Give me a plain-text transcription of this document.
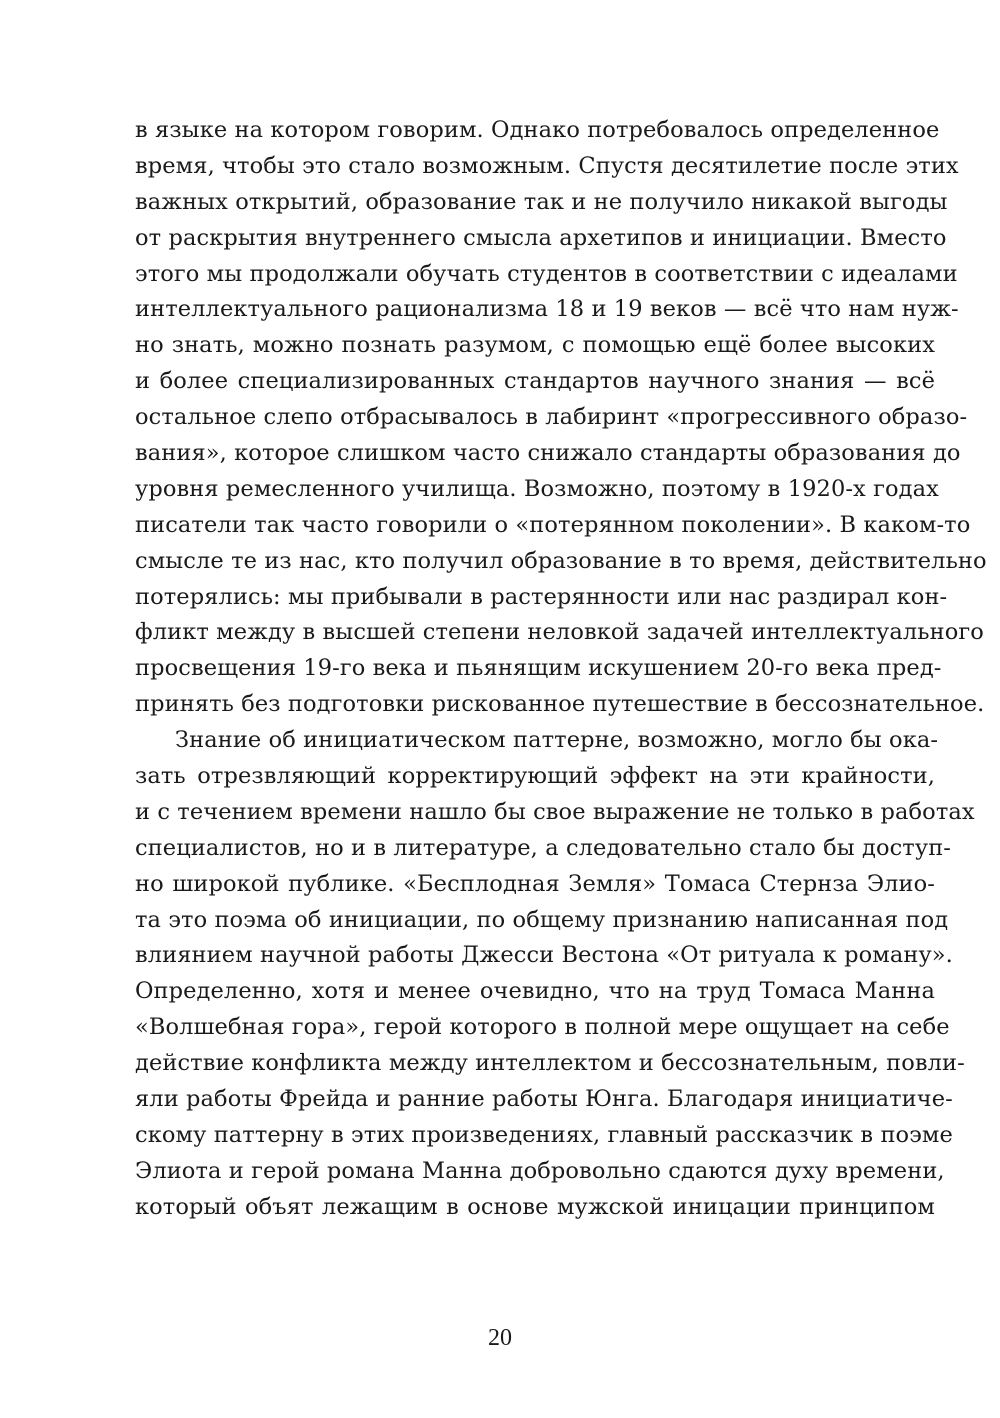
в языке на котором говорим. Однако потребовалось определенное
время, чтобы это стало возможным. Спустя десятилетие после этих
важных открытий, образование так и не получило никакой выгоды
от раскрытия внутреннего смысла архетипов и инициации. Вместо
этого мы продолжали обучать студентов в соответствии с идеалами
интеллектуального рационализма 18 и 19 веков — всё что нам нуж-
но знать, можно познать разумом, с помощью ещё более высоких
и более специализированных стандартов научного знания — всё
остальное слепо отбрасывалось в лабиринт «прогрессивного образо-
вания», которое слишком часто снижало стандарты образования до
уровня ремесленного училища. Возможно, поэтому в 1920-х годах
писатели так часто говорили о «потерянном поколении». В каком-то
смысле те из нас, кто получил образование в то время, действительно
потерялись: мы прибывали в растерянности или нас раздирал кон-
фликт между в высшей степени неловкой задачей интеллектуального
просвещения 19-го века и пьянящим искушением 20-го века пред-
принять без подготовки рискованное путешествие в бессознательное.
Знание об инициатическом паттерне, возможно, могло бы ока-
зать отрезвляющий корректирующий эффект на эти крайности,
и с течением времени нашло бы свое выражение не только в работах
специалистов, но и в литературе, а следовательно стало бы доступ-
но широкой публике. «Бесплодная Земля» Томаса Стернза Элио-
та это поэма об инициации, по общему признанию написанная под
влиянием научной работы Джесси Вестона «От ритуала к роману».
Определенно, хотя и менее очевидно, что на труд Томаса Манна
«Волшебная гора», герой которого в полной мере ощущает на себе
действие конфликта между интеллектом и бессознательным, повли-
яли работы Фрейда и ранние работы Юнга. Благодаря инициатиче-
скому паттерну в этих произведениях, главный рассказчик в поэме
Элиота и герой романа Манна добровольно сдаются духу времени,
который объят лежащим в основе мужской иницации принципом
20
